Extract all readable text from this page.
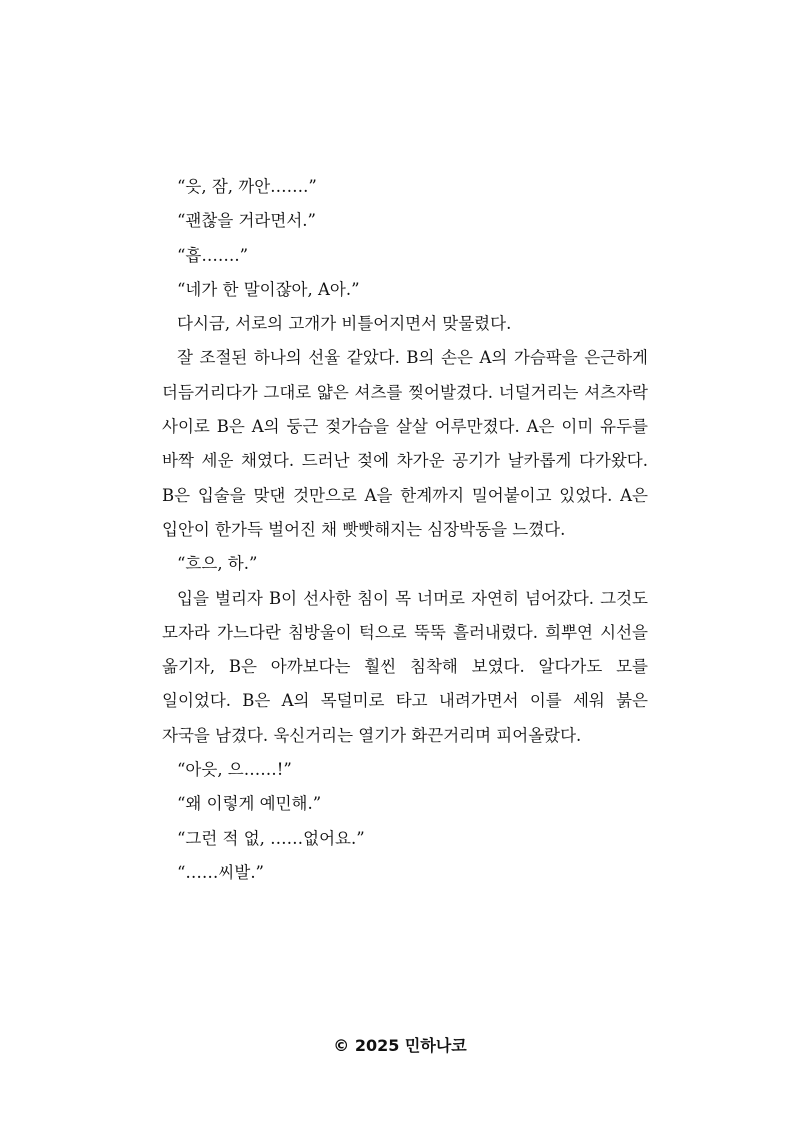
“읏, 잠, 까안…….”

“괜찮을 거라면서.”

“흡…….”

“네가 한 말이잖아, A아.”

다시금, 서로의 고개가 비틀어지면서 맞물렸다.

잘 조절된 하나의 선율 같았다. B의 손은 A의 가슴팍을 은근하게 더듬거리다가 그대로 얇은 셔츠를 찢어발겼다. 너덜거리는 셔츠자락 사이로 B은 A의 둥근 젖가슴을 살살 어루만졌다. A은 이미 유두를 바짝 세운 채였다. 드러난 젖에 차가운 공기가 날카롭게 다가왔다. B은 입술을 맞댄 것만으로 A을 한계까지 밀어붙이고 있었다. A은 입안이 한가득 벌어진 채 빳빳해지는 심장박동을 느꼈다.

“흐으, 하.”

입을 벌리자 B이 선사한 침이 목 너머로 자연히 넘어갔다. 그것도 모자라 가느다란 침방울이 턱으로 뚝뚝 흘러내렸다. 희뿌연 시선을 옮기자, B은 아까보다는 훨씬 침착해 보였다. 알다가도 모를 일이었다. B은 A의 목덜미로 타고 내려가면서 이를 세워 붉은 자국을 남겼다. 욱신거리는 열기가 화끈거리며 피어올랐다.

“아읏, 으……!”

“왜 이렇게 예민해.”

“그런 적 없, ……없어요.”

“……씨발.”

© 2025 민하나코
